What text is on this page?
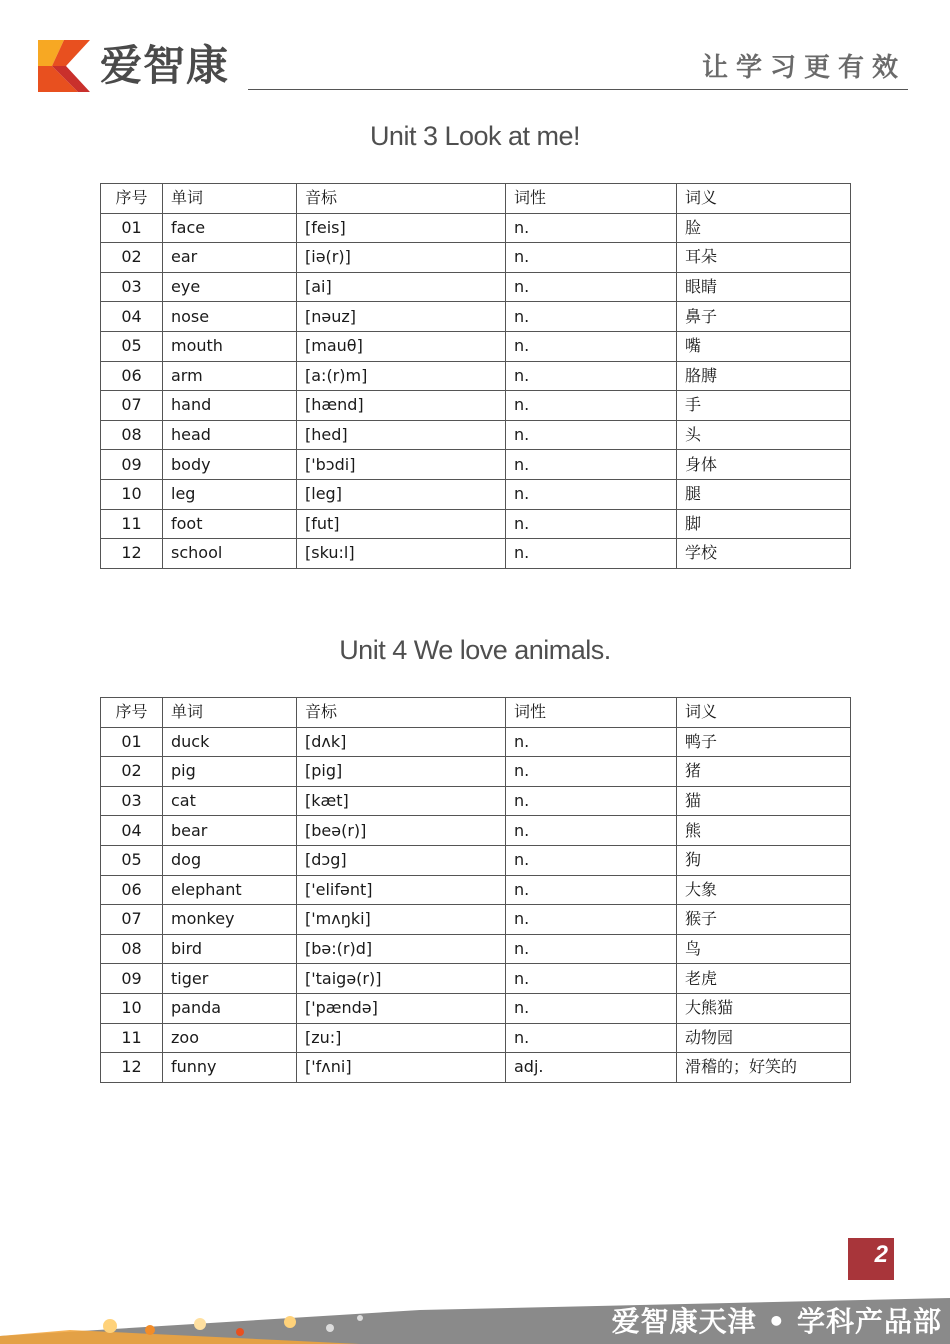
爱智康	让学习更有效
Unit 3 Look at me!
序号	单词	音标	词性	词义
01	face	[feis]	n.	脸
02	ear	[iə(r)]	n.	耳朵
03	eye	[ai]	n.	眼睛
04	nose	[nəuz]	n.	鼻子
05	mouth	[mauθ]	n.	嘴
06	arm	[a:(r)m]	n.	胳膊
07	hand	[hænd]	n.	手
08	head	[hed]	n.	头
09	body	['bɔdi]	n.	身体
10	leg	[leg]	n.	腿
11	foot	[fut]	n.	脚
12	school	[sku:l]	n.	学校
Unit 4 We love animals.
序号	单词	音标	词性	词义
01	duck	[dʌk]	n.	鸭子
02	pig	[pig]	n.	猪
03	cat	[kæt]	n.	猫
04	bear	[beə(r)]	n.	熊
05	dog	[dɔg]	n.	狗
06	elephant	['elifənt]	n.	大象
07	monkey	['mʌŋki]	n.	猴子
08	bird	[bə:(r)d]	n.	鸟
09	tiger	['taigə(r)]	n.	老虎
10	panda	['pændə]	n.	大熊猫
11	zoo	[zu:]	n.	动物园
12	funny	['fʌni]	adj.	滑稽的；好笑的
2
爱智康天津 • 学科产品部
